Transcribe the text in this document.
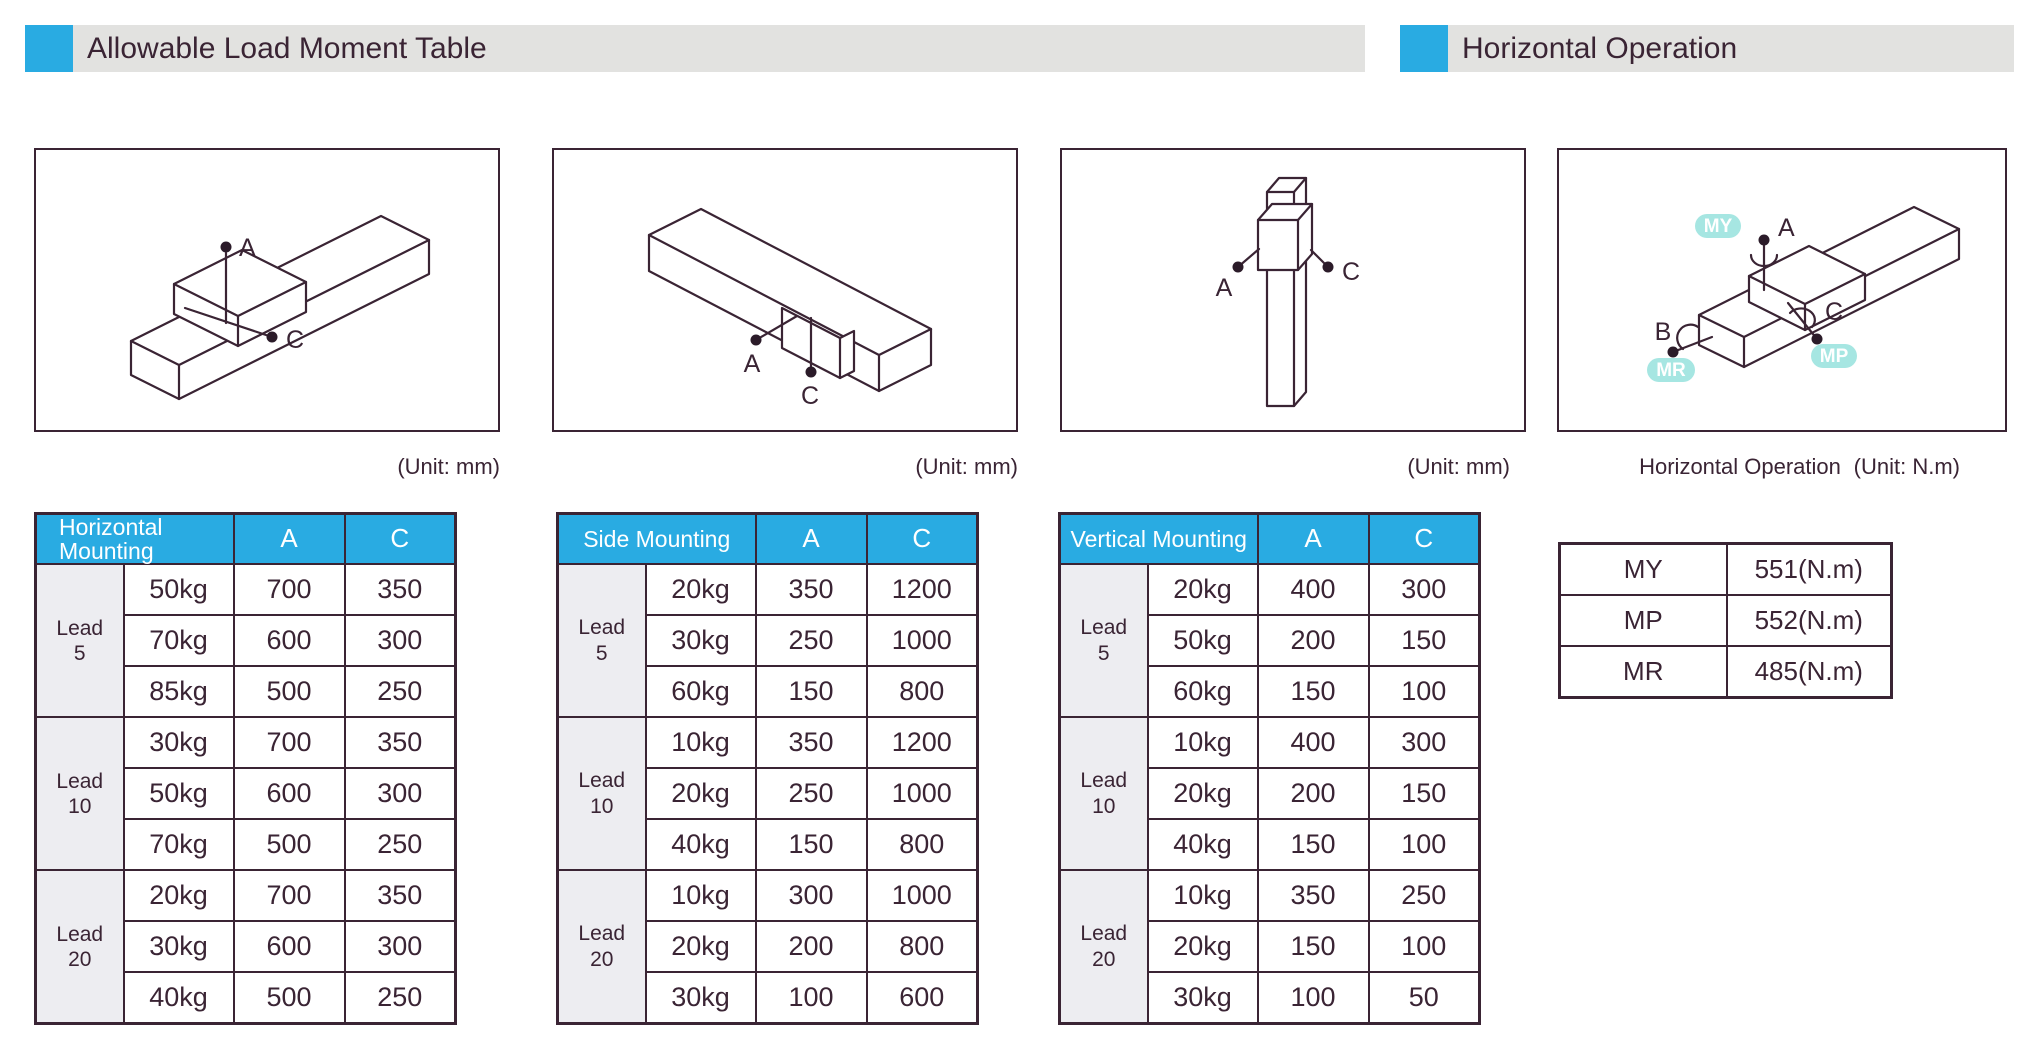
Allowable Load Moment Table	Horizontal Operation
A
C
A
C
A
C
A
B
C
MY
MR
MP
(Unit: mm)	(Unit: mm)	(Unit: mm)	Horizontal Operation (Unit: N.m)
Horizontal Mounting		A	C
Lead
5	50kg	700	350
	70kg	600	300
	85kg	500	250
Lead
10	30kg	700	350
	50kg	600	300
	70kg	500	250
Lead
20	20kg	700	350
	30kg	600	300
	40kg	500	250
Side Mounting		A	C
Lead
5	20kg	350	1200
	30kg	250	1000
	60kg	150	800
Lead
10	10kg	350	1200
	20kg	250	1000
	40kg	150	800
Lead
20	10kg	300	1000
	20kg	200	800
	30kg	100	600
Vertical Mounting		A	C
Lead
5	20kg	400	300
	50kg	200	150
	60kg	150	100
Lead
10	10kg	400	300
	20kg	200	150
	40kg	150	100
Lead
20	10kg	350	250
	20kg	150	100
	30kg	100	50
MY	551(N.m)
MP	552(N.m)
MR	485(N.m)
